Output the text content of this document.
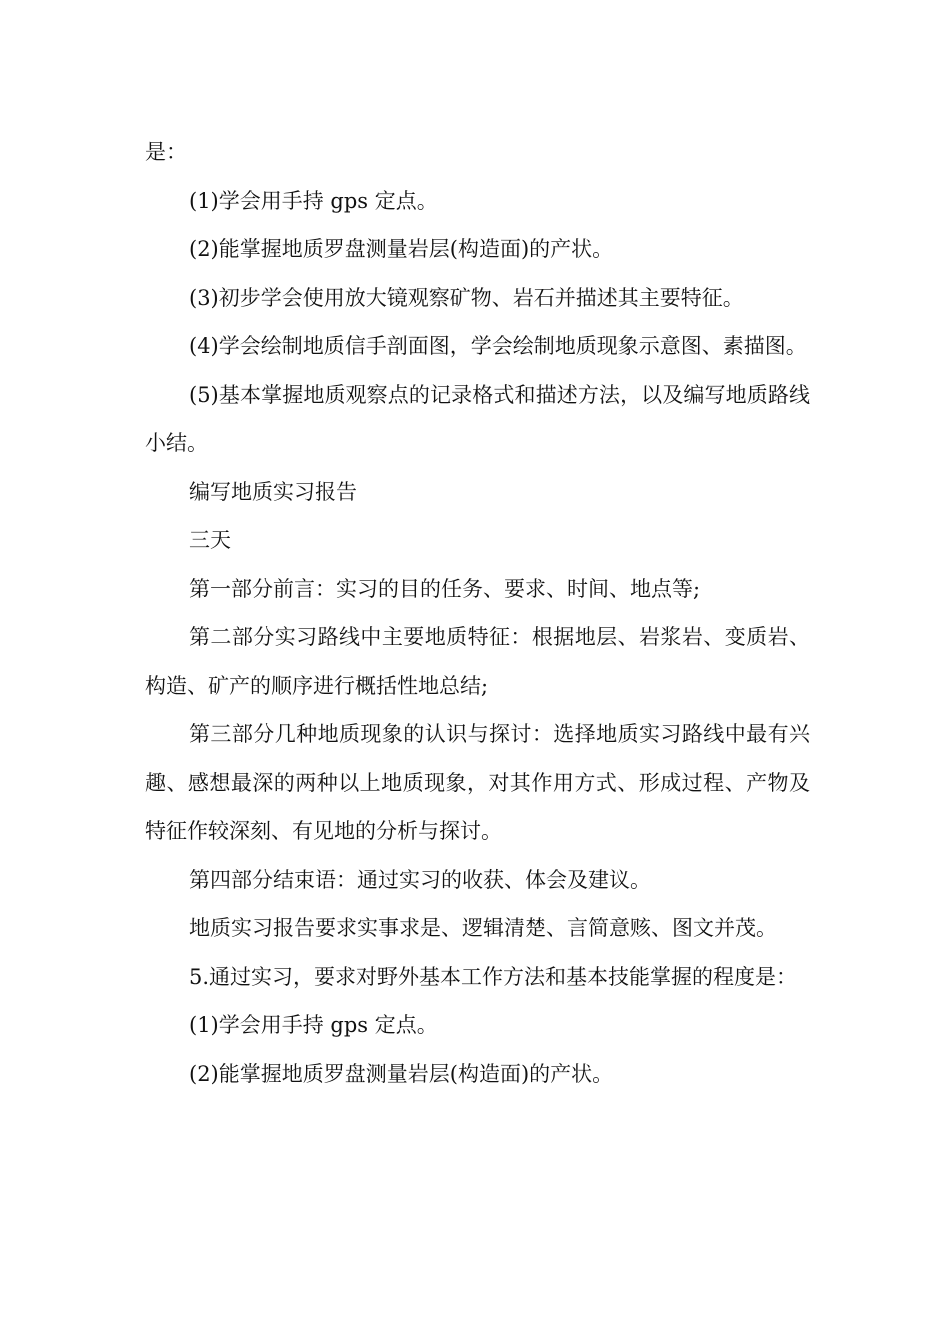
是：

(1)学会用手持 gps 定点。

(2)能掌握地质罗盘测量岩层(构造面)的产状。

(3)初步学会使用放大镜观察矿物、岩石并描述其主要特征。

(4)学会绘制地质信手剖面图，学会绘制地质现象示意图、素描图。

(5)基本掌握地质观察点的记录格式和描述方法，以及编写地质路线小结。

编写地质实习报告

三天

第一部分前言：实习的目的任务、要求、时间、地点等;

第二部分实习路线中主要地质特征：根据地层、岩浆岩、变质岩、构造、矿产的顺序进行概括性地总结;

第三部分几种地质现象的认识与探讨：选择地质实习路线中最有兴趣、感想最深的两种以上地质现象，对其作用方式、形成过程、产物及特征作较深刻、有见地的分析与探讨。

第四部分结束语：通过实习的收获、体会及建议。

地质实习报告要求实事求是、逻辑清楚、言简意赅、图文并茂。

5.通过实习，要求对野外基本工作方法和基本技能掌握的程度是：

(1)学会用手持 gps 定点。

(2)能掌握地质罗盘测量岩层(构造面)的产状。
